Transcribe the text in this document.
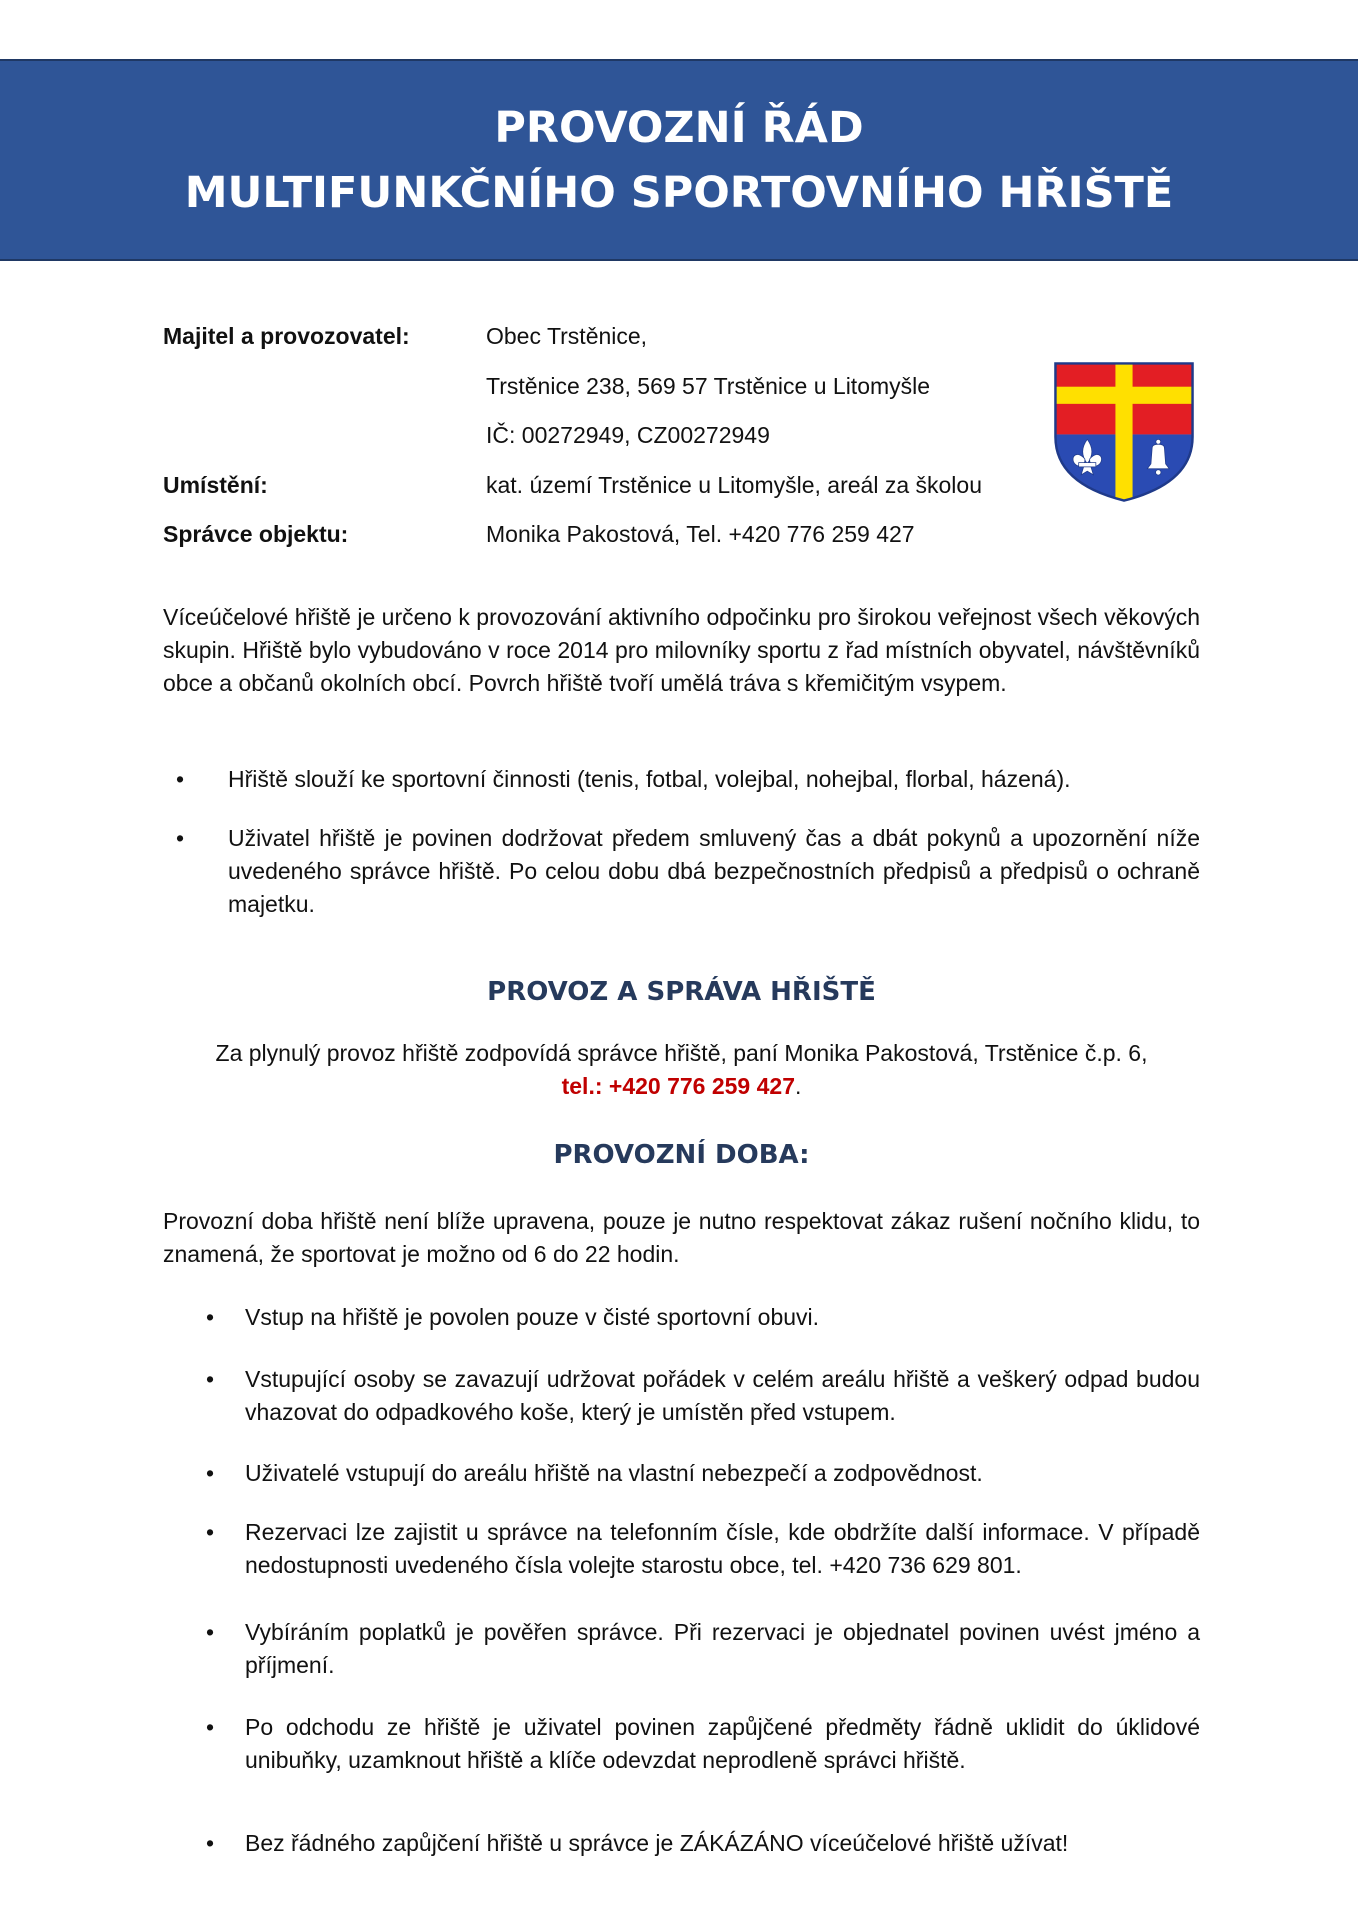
PROVOZNÍ ŘÁD
MULTIFUNKČNÍHO SPORTOVNÍHO HŘIŠTĚ
Majitel a provozovatel:	Obec Trstěnice,
Trstěnice 238, 569 57 Trstěnice u Litomyšle
IČ: 00272949, CZ00272949
Umístění:	kat. území Trstěnice u Litomyšle, areál za školou
Správce objektu:	Monika Pakostová, Tel. +420 776 259 427
Víceúčelové hřiště je určeno k provozování aktivního odpočinku pro širokou veřejnost všech věkových skupin. Hřiště bylo vybudováno v roce 2014 pro milovníky sportu z řad místních obyvatel, návštěvníků obce a občanů okolních obcí. Povrch hřiště tvoří umělá tráva s křemičitým vsypem.
• Hřiště slouží ke sportovní činnosti (tenis, fotbal, volejbal, nohejbal, florbal, házená).
• Uživatel hřiště je povinen dodržovat předem smluvený čas a dbát pokynů a upozornění níže uvedeného správce hřiště. Po celou dobu dbá bezpečnostních předpisů a předpisů o ochraně majetku.
PROVOZ A SPRÁVA HŘIŠTĚ
Za plynulý provoz hřiště zodpovídá správce hřiště, paní Monika Pakostová, Trstěnice č.p. 6,
tel.: +420 776 259 427.
PROVOZNÍ DOBA:
Provozní doba hřiště není blíže upravena, pouze je nutno respektovat zákaz rušení nočního klidu, to znamená, že sportovat je možno od 6 do 22 hodin.
• Vstup na hřiště je povolen pouze v čisté sportovní obuvi.
• Vstupující osoby se zavazují udržovat pořádek v celém areálu hřiště a veškerý odpad budou vhazovat do odpadkového koše, který je umístěn před vstupem.
• Uživatelé vstupují do areálu hřiště na vlastní nebezpečí a zodpovědnost.
• Rezervaci lze zajistit u správce na telefonním čísle, kde obdržíte další informace. V případě nedostupnosti uvedeného čísla volejte starostu obce, tel. +420 736 629 801.
• Vybíráním poplatků je pověřen správce. Při rezervaci je objednatel povinen uvést jméno a příjmení.
• Po odchodu ze hřiště je uživatel povinen zapůjčené předměty řádně uklidit do úklidové unibuňky, uzamknout hřiště a klíče odevzdat neprodleně správci hřiště.
• Bez řádného zapůjčení hřiště u správce je ZÁKÁZÁNO víceúčelové hřiště užívat!
